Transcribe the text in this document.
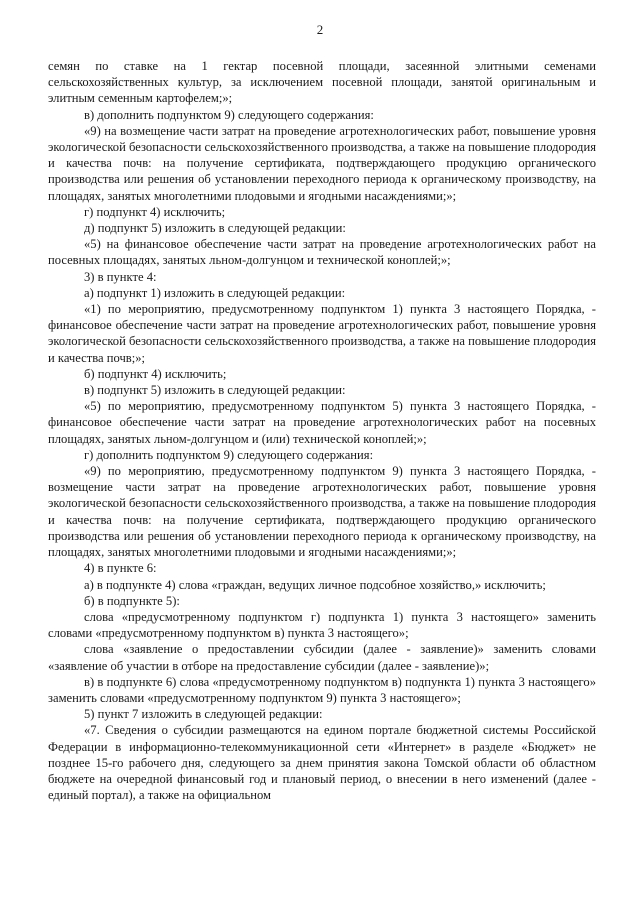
2

семян по ставке на 1 гектар посевной площади, засеянной элитными семенами сельскохозяйственных культур, за исключением посевной площади, занятой оригинальным и элитным семенным картофелем;»;

в) дополнить подпунктом 9) следующего содержания:

«9) на возмещение части затрат на проведение агротехнологических работ, повышение уровня экологической безопасности сельскохозяйственного производства, а также на повышение плодородия и качества почв: на получение сертификата, подтверждающего продукцию органического производства или решения об установлении переходного периода к органическому производству, на площадях, занятых многолетними плодовыми и ягодными насаждениями;»;

г) подпункт 4) исключить;

д) подпункт 5) изложить в следующей редакции:

«5) на финансовое обеспечение части затрат на проведение агротехнологических работ на посевных площадях, занятых льном-долгунцом и технической коноплей;»;

3) в пункте 4:

а) подпункт 1) изложить в следующей редакции:

«1) по мероприятию, предусмотренному подпунктом 1) пункта 3 настоящего Порядка, - финансовое обеспечение части затрат на проведение агротехнологических работ, повышение уровня экологической безопасности сельскохозяйственного производства, а также на повышение плодородия и качества почв;»;

б) подпункт 4) исключить;

в) подпункт 5) изложить в следующей редакции:

«5) по мероприятию, предусмотренному подпунктом 5) пункта 3 настоящего Порядка, - финансовое обеспечение части затрат на проведение агротехнологических работ на посевных площадях, занятых льном-долгунцом и (или) технической коноплей;»;

г) дополнить подпунктом 9) следующего содержания:

«9) по мероприятию, предусмотренному подпунктом 9) пункта 3 настоящего Порядка, - возмещение части затрат на проведение агротехнологических работ, повышение уровня экологической безопасности сельскохозяйственного производства, а также на повышение плодородия и качества почв: на получение сертификата, подтверждающего продукцию органического производства или решения об установлении переходного периода к органическому производству, на площадях, занятых многолетними плодовыми и ягодными насаждениями;»;

4) в пункте 6:

а) в подпункте 4) слова «граждан, ведущих личное подсобное хозяйство,» исключить;

б) в подпункте 5):

слова «предусмотренному подпунктом г) подпункта 1) пункта 3 настоящего» заменить словами «предусмотренному подпунктом в) пункта 3 настоящего»;

слова «заявление о предоставлении субсидии (далее - заявление)» заменить словами «заявление об участии в отборе на предоставление субсидии (далее - заявление)»;

в) в подпункте 6) слова «предусмотренному подпунктом в) подпункта 1) пункта 3 настоящего» заменить словами «предусмотренному подпунктом 9) пункта 3 настоящего»;

5) пункт 7 изложить в следующей редакции:

«7. Сведения о субсидии размещаются на едином портале бюджетной системы Российской Федерации в информационно-телекоммуникационной сети «Интернет» в разделе «Бюджет» не позднее 15-го рабочего дня, следующего за днем принятия закона Томской области об областном бюджете на очередной финансовый год и плановый период, о внесении в него изменений (далее - единый портал), а также на официальном
